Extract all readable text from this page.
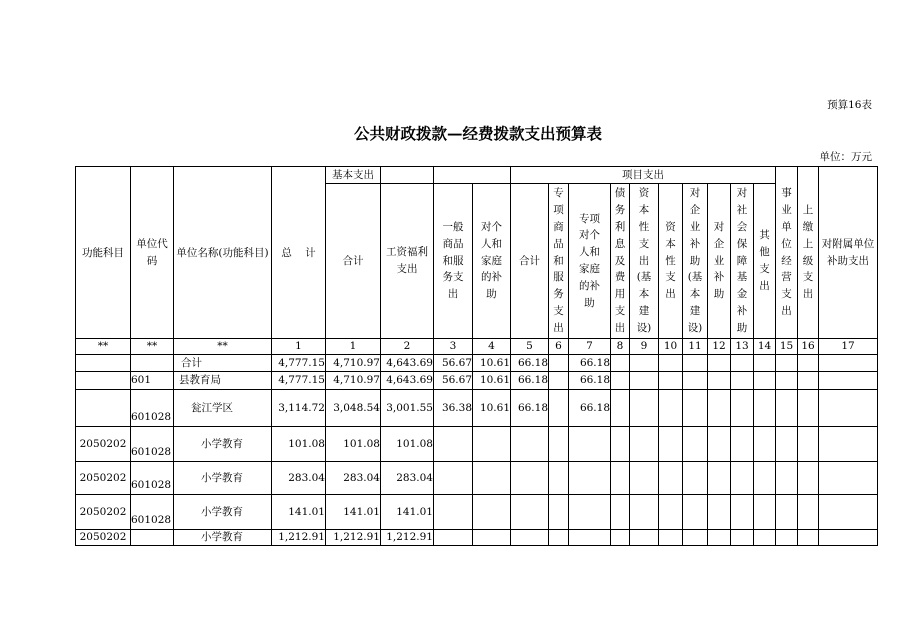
预算16表
公共财政拨款—经费拨款支出预算表
单位：万元
功能科目	单位代码	单位名称(功能科目)	总 计	基本支出				项目支出										事业单位经营支出	上缴上级支出	对附属单位补助支出
				合计	工资福利支出	一般商品和服务支出	对个人和家庭的补助	合计	专项商品和服务支出	专项对个人和家庭的补助	债务利息及费用支出	资本性支出(基本建设)	资本性支出	对企业补助(基本建设)	对企业补助	对社会保障基金补助	其他支出			
**	**	**	1	1	2	3	4	5	6	7	8	9	10	11	12	13	14	15	16	17
		合计	4,777.15	4,710.97	4,643.69	56.67	10.61	66.18		66.18										
	601	县教育局	4,777.15	4,710.97	4,643.69	56.67	10.61	66.18		66.18										
	601028	瓮江学区	3,114.72	3,048.54	3,001.55	36.38	10.61	66.18		66.18										
2050202	601028	小学教育	101.08	101.08	101.08															
2050202	601028	小学教育	283.04	283.04	283.04															
2050202	601028	小学教育	141.01	141.01	141.01															
2050202		小学教育	1,212.91	1,212.91	1,212.91															
